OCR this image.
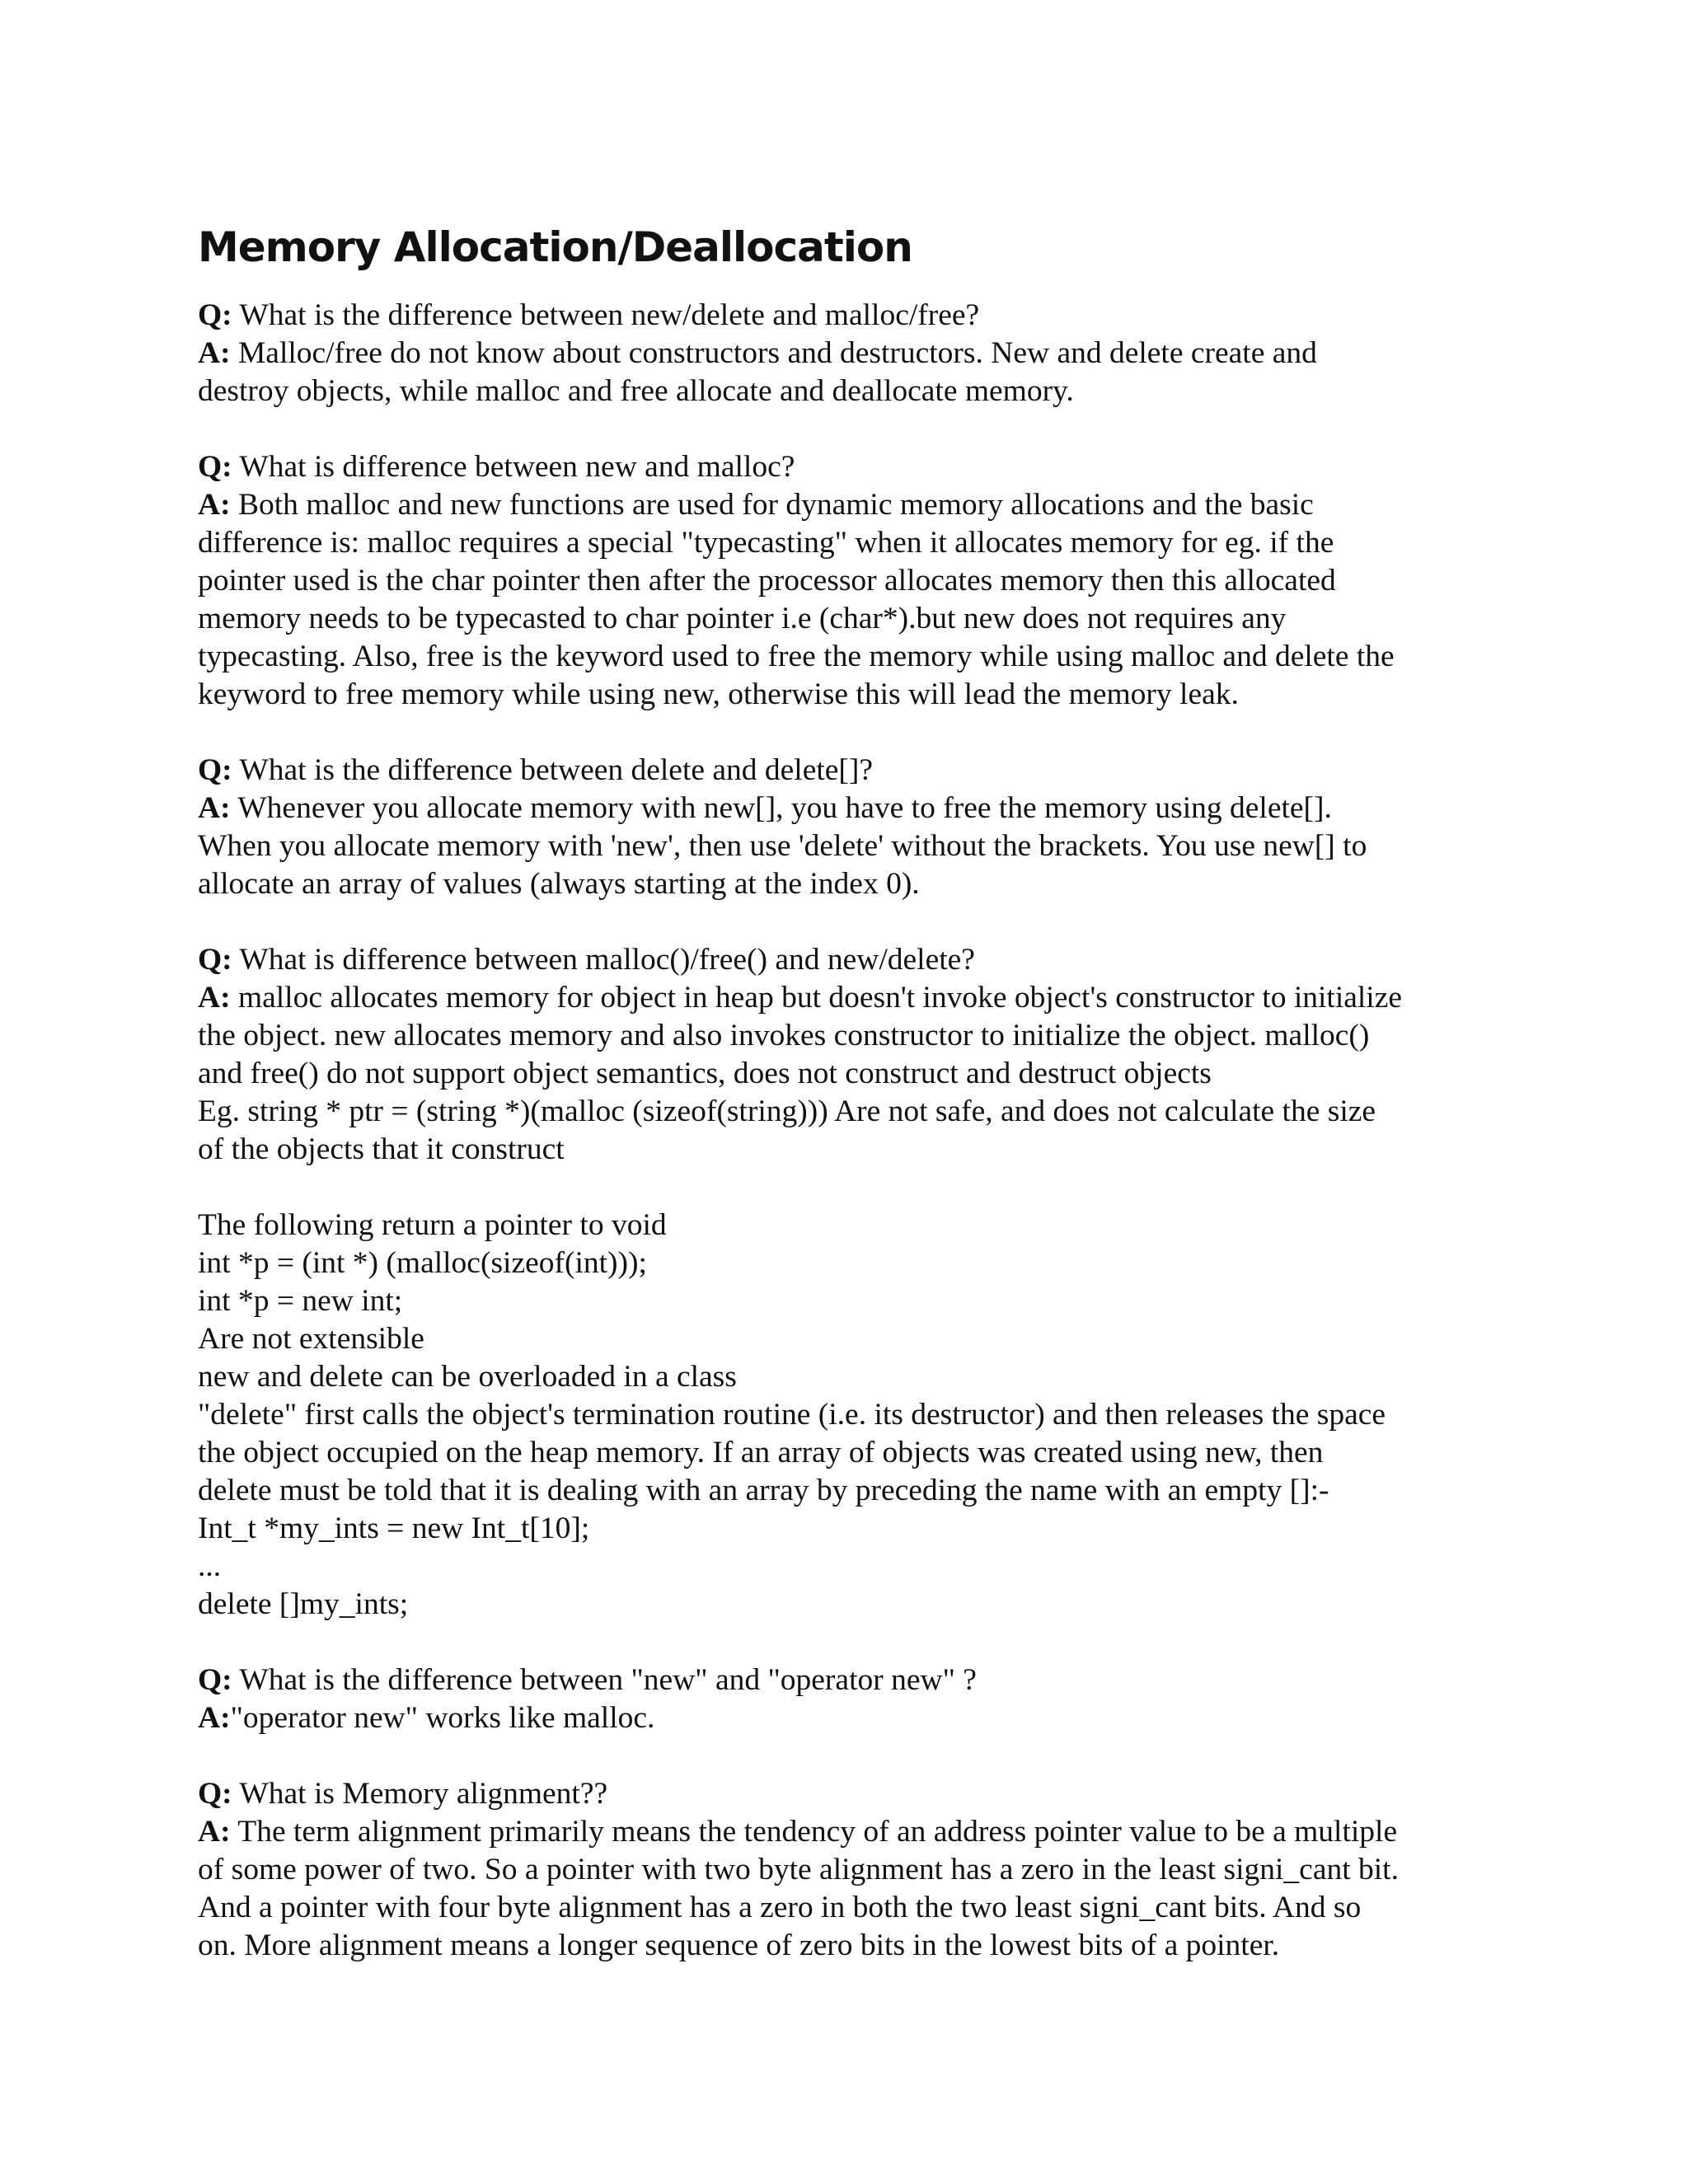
Memory Allocation/Deallocation
Q: What is the difference between new/delete and malloc/free?
A: Malloc/free do not know about constructors and destructors. New and delete create and
destroy objects, while malloc and free allocate and deallocate memory.
Q: What is difference between new and malloc?
A: Both malloc and new functions are used for dynamic memory allocations and the basic
difference is: malloc requires a special "typecasting" when it allocates memory for eg. if the
pointer used is the char pointer then after the processor allocates memory then this allocated
memory needs to be typecasted to char pointer i.e (char*).but new does not requires any
typecasting. Also, free is the keyword used to free the memory while using malloc and delete the
keyword to free memory while using new, otherwise this will lead the memory leak.
Q: What is the difference between delete and delete[]?
A: Whenever you allocate memory with new[], you have to free the memory using delete[].
When you allocate memory with 'new', then use 'delete' without the brackets. You use new[] to
allocate an array of values (always starting at the index 0).
Q: What is difference between malloc()/free() and new/delete?
A: malloc allocates memory for object in heap but doesn't invoke object's constructor to initialize
the object. new allocates memory and also invokes constructor to initialize the object. malloc()
and free() do not support object semantics, does not construct and destruct objects
Eg. string * ptr = (string *)(malloc (sizeof(string))) Are not safe, and does not calculate the size
of the objects that it construct
The following return a pointer to void
int *p = (int *) (malloc(sizeof(int)));
int *p = new int;
Are not extensible
new and delete can be overloaded in a class
"delete" first calls the object's termination routine (i.e. its destructor) and then releases the space
the object occupied on the heap memory. If an array of objects was created using new, then
delete must be told that it is dealing with an array by preceding the name with an empty []:-
Int_t *my_ints = new Int_t[10];
...
delete []my_ints;
Q: What is the difference between "new" and "operator new" ?
A:"operator new" works like malloc.
Q: What is Memory alignment??
A: The term alignment primarily means the tendency of an address pointer value to be a multiple
of some power of two. So a pointer with two byte alignment has a zero in the least signi_cant bit.
And a pointer with four byte alignment has a zero in both the two least signi_cant bits. And so
on. More alignment means a longer sequence of zero bits in the lowest bits of a pointer.
